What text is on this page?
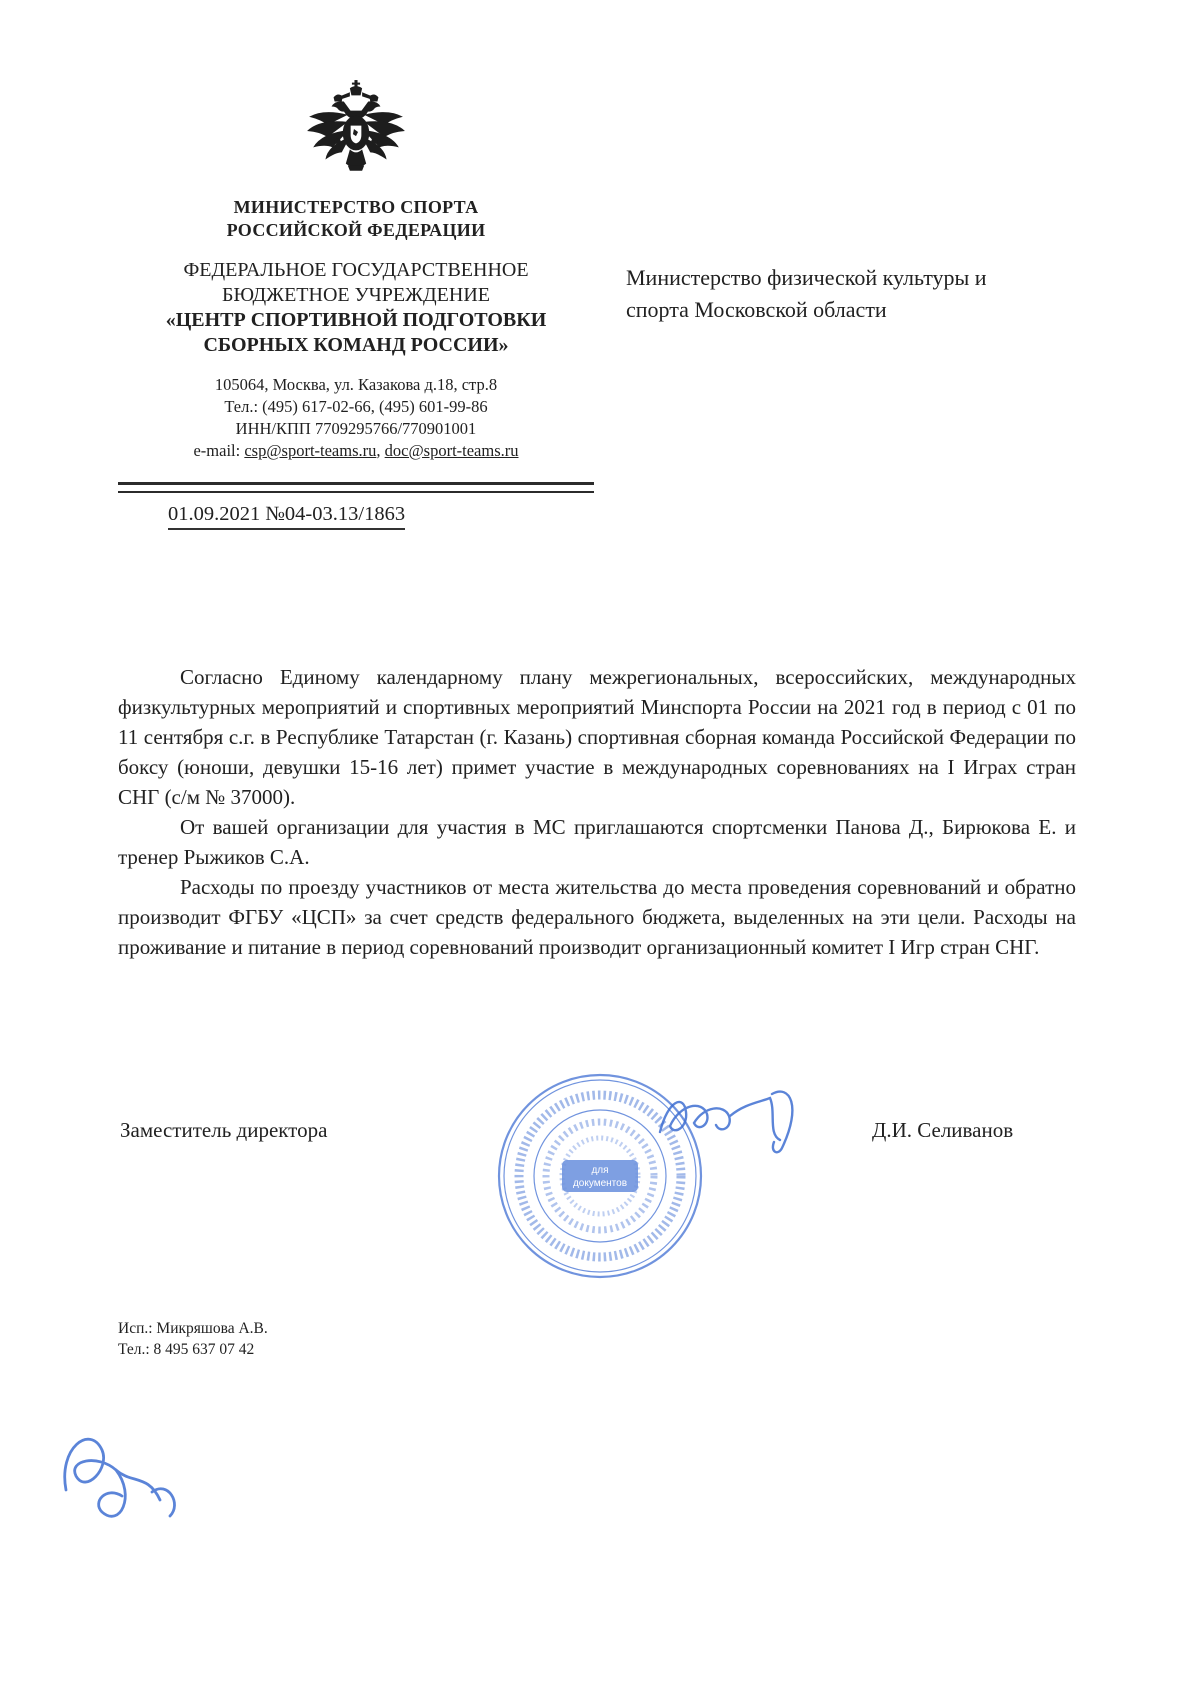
МИНИСТЕРСТВО СПОРТА
РОССИЙСКОЙ ФЕДЕРАЦИИ
ФЕДЕРАЛЬНОЕ ГОСУДАРСТВЕННОЕ
БЮДЖЕТНОЕ УЧРЕЖДЕНИЕ
«ЦЕНТР СПОРТИВНОЙ ПОДГОТОВКИ
СБОРНЫХ КОМАНД РОССИИ»
105064, Москва, ул. Казакова д.18, стр.8
Тел.: (495) 617-02-66, (495) 601-99-86
ИНН/КПП 7709295766/770901001
e-mail: csp@sport-teams.ru, doc@sport-teams.ru
Министерство физической культуры и
спорта Московской области
01.09.2021 №04-03.13/1863

Согласно Единому календарному плану межрегиональных, всероссийских, международных физкультурных мероприятий и спортивных мероприятий Минспорта России на 2021 год в период с 01 по 11 сентября с.г. в Республике Татарстан (г. Казань) спортивная сборная команда Российской Федерации по боксу (юноши, девушки 15-16 лет) примет участие в международных соревнованиях на I Играх стран СНГ (с/м № 37000).

От вашей организации для участия в МС приглашаются спортсменки Панова Д., Бирюкова Е. и тренер Рыжиков С.А.

Расходы по проезду участников от места жительства до места проведения соревнований и обратно производит ФГБУ «ЦСП» за счет средств федерального бюджета, выделенных на эти цели. Расходы на проживание и питание в период соревнований производит организационный комитет I Игр стран СНГ.

Заместитель директора	Д.И. Селиванов
для
документов
Исп.: Микряшова А.В.
Тел.: 8 495 637 07 42
